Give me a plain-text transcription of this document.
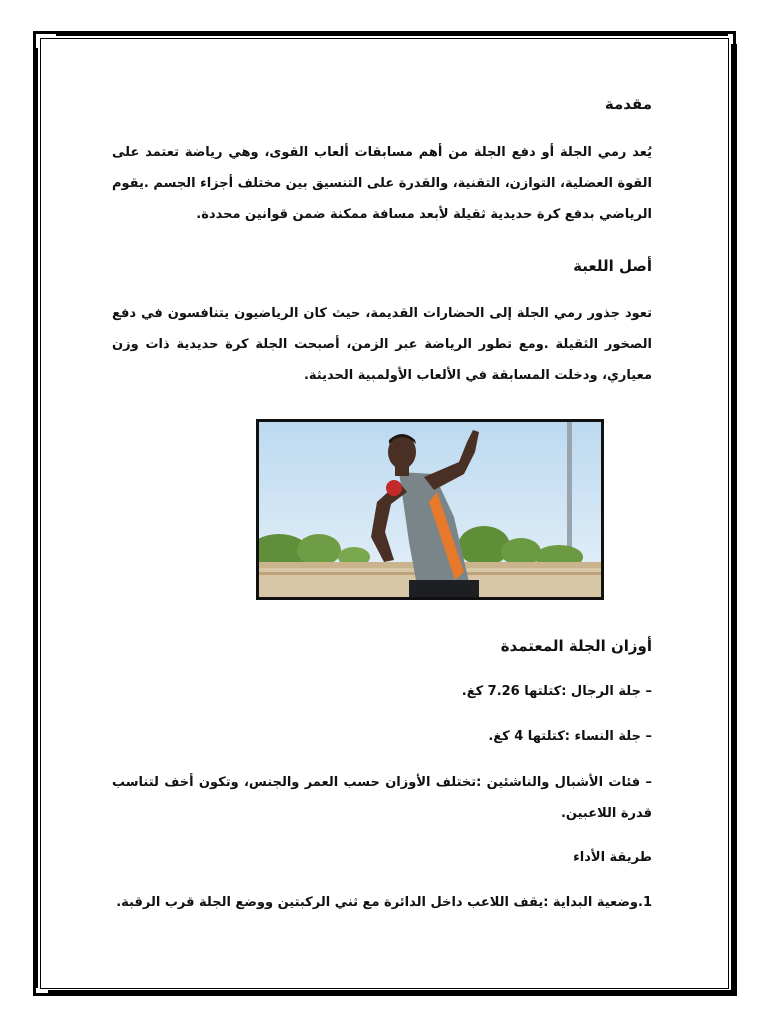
مقدمة
يُعد رمي الجلة أو دفع الجلة من أهم مسابقات ألعاب القوى، وهي رياضة تعتمد على القوة العضلية، التوازن، التقنية، والقدرة على التنسيق بين مختلف أجزاء الجسم .يقوم الرياضي بدفع كرة حديدية ثقيلة لأبعد مسافة ممكنة ضمن قوانين محددة.
أصل اللعبة
تعود جذور رمي الجلة إلى الحضارات القديمة، حيث كان الرياضيون يتنافسون في دفع الصخور الثقيلة .ومع تطور الرياضة عبر الزمن، أصبحت الجلة كرة حديدية ذات وزن معياري، ودخلت المسابقة في الألعاب الأولمبية الحديثة.
أوزان الجلة المعتمدة
– جلة الرجال :كتلتها 7.26 كغ.
– جلة النساء :كتلتها 4 كغ.
– فئات الأشبال والناشئين :تختلف الأوزان حسب العمر والجنس، وتكون أخف لتناسب قدرة اللاعبين.
طريقة الأداء
1.وضعية البداية :يقف اللاعب داخل الدائرة مع ثني الركبتين ووضع الجلة قرب الرقبة.
